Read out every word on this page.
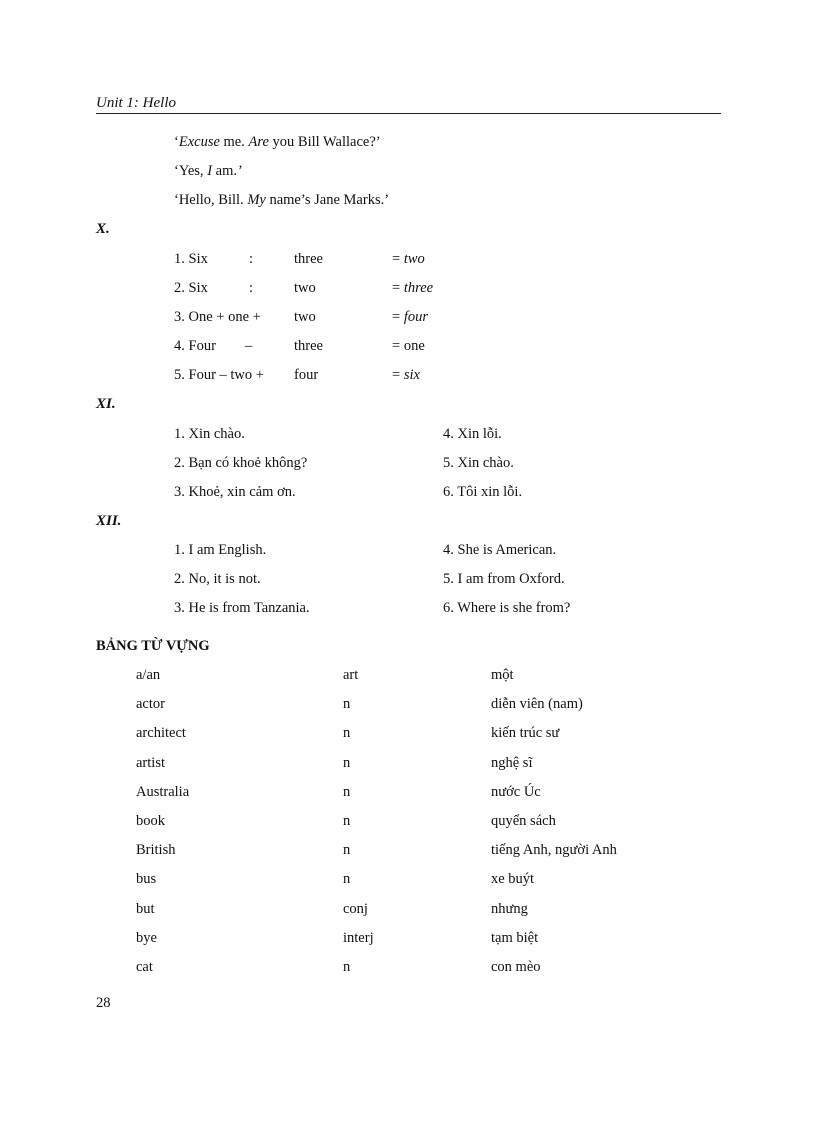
Unit 1: Hello
‘Excuse me. Are you Bill Wallace?’
‘Yes, I am.’
‘Hello, Bill. My name’s Jane Marks.’
X.
1. Six	:	three	= two
2. Six	:	two	= three
3. One + one + two	= four
4. Four –	three	= one
5. Four – two + four	= six
XI.
1. Xin chào.
2. Bạn có khoẻ không?
3. Khoẻ, xin cảm ơn.
4. Xin lỗi.
5. Xin chào.
6. Tôi xin lỗi.
XII.
1. I am English.
2. No, it is not.
3. He is from Tanzania.
4. She is American.
5. I am from Oxford.
6. Where is she from?
BẢNG TỪ VỰNG
a/an	art	một
actor	n	diễn viên (nam)
architect	n	kiến trúc sư
artist	n	nghệ sĩ
Australia	n	nước Úc
book	n	quyển sách
British	n	tiếng Anh, người Anh
bus	n	xe buýt
but	conj	nhưng
bye	interj	tạm biệt
cat	n	con mèo
28
